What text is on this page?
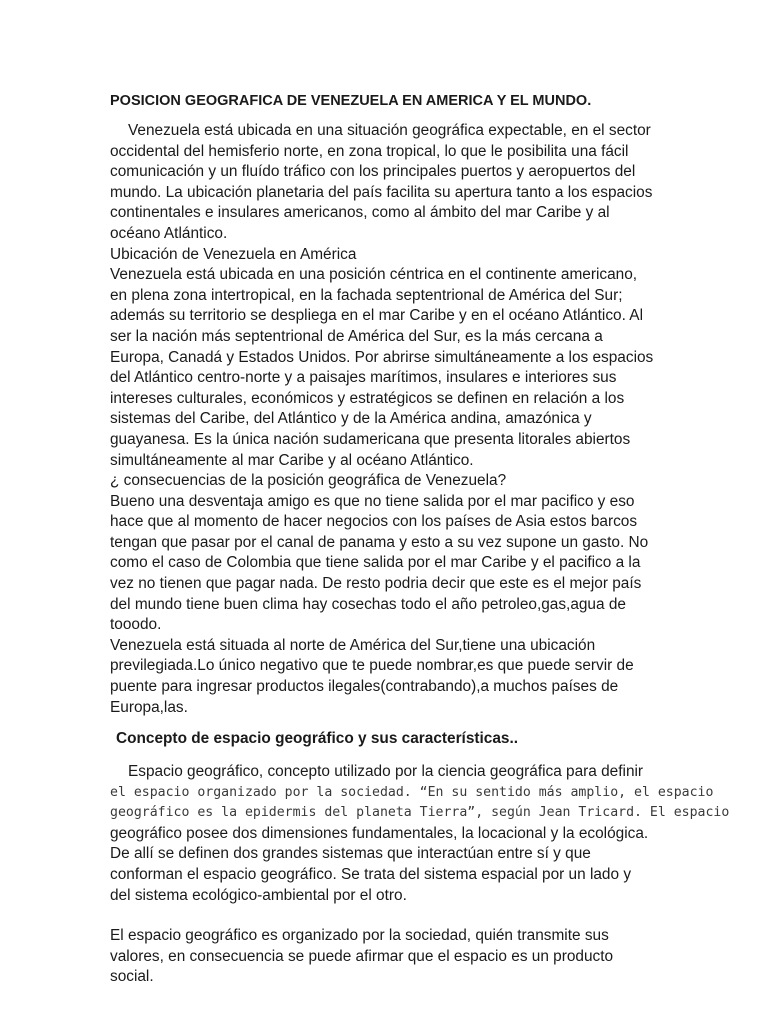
POSICION GEOGRAFICA DE VENEZUELA EN AMERICA Y EL MUNDO.
Venezuela está ubicada en una situación geográfica expectable, en el sector
occidental del hemisferio norte, en zona tropical, lo que le posibilita una fácil
comunicación y un fluído tráfico con los principales puertos y aeropuertos del
mundo. La ubicación planetaria del país facilita su apertura tanto a los espacios
continentales e insulares americanos, como al ámbito del mar Caribe y al
océano Atlántico.
Ubicación de Venezuela en América
Venezuela está ubicada en una posición céntrica en el continente americano,
en plena zona intertropical, en la fachada septentrional de América del Sur;
además su territorio se despliega en el mar Caribe y en el océano Atlántico. Al
ser la nación más septentrional de América del Sur, es la más cercana a
Europa, Canadá y Estados Unidos. Por abrirse simultáneamente a los espacios
del Atlántico centro-norte y a paisajes marítimos, insulares e interiores sus
intereses culturales, económicos y estratégicos se definen en relación a los
sistemas del Caribe, del Atlántico y de la América andina, amazónica y
guayanesa. Es la única nación sudamericana que presenta litorales abiertos
simultáneamente al mar Caribe y al océano Atlántico.
¿ consecuencias de la posición geográfica de Venezuela?
Bueno una desventaja amigo es que no tiene salida por el mar pacifico y eso
hace que al momento de hacer negocios con los países de Asia estos barcos
tengan que pasar por el canal de panama y esto a su vez supone un gasto. No
como el caso de Colombia que tiene salida por el mar Caribe y el pacifico a la
vez no tienen que pagar nada. De resto podria decir que este es el mejor país
del mundo tiene buen clima hay cosechas todo el año petroleo,gas,agua de
tooodo.
Venezuela está situada al norte de América del Sur,tiene una ubicación
previlegiada.Lo único negativo que te puede nombrar,es que puede servir de
puente para ingresar productos ilegales(contrabando),a muchos países de
Europa,las.
Concepto de espacio geográfico y sus características..
Espacio geográfico, concepto utilizado por la ciencia geográfica para definir
el espacio organizado por la sociedad. “En su sentido más amplio, el espacio
geográfico es la epidermis del planeta Tierra”, según Jean Tricard. El espacio
geográfico posee dos dimensiones fundamentales, la locacional y la ecológica.
De allí se definen dos grandes sistemas que interactúan entre sí y que
conforman el espacio geográfico. Se trata del sistema espacial por un lado y
del sistema ecológico-ambiental por el otro.
El espacio geográfico es organizado por la sociedad, quién transmite sus
valores, en consecuencia se puede afirmar que el espacio es un producto
social.
